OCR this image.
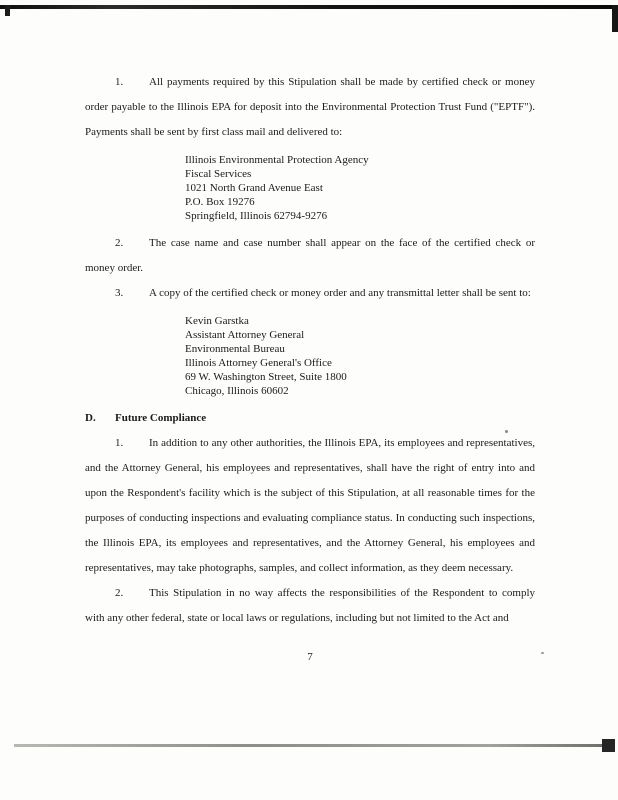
1. All payments required by this Stipulation shall be made by certified check or money order payable to the Illinois EPA for deposit into the Environmental Protection Trust Fund ("EPTF"). Payments shall be sent by first class mail and delivered to:

Illinois Environmental Protection Agency
Fiscal Services
1021 North Grand Avenue East
P.O. Box 19276
Springfield, Illinois 62794-9276

2. The case name and case number shall appear on the face of the certified check or money order.

3. A copy of the certified check or money order and any transmittal letter shall be sent to:

Kevin Garstka
Assistant Attorney General
Environmental Bureau
Illinois Attorney General's Office
69 W. Washington Street, Suite 1800
Chicago, Illinois 60602
D. Future Compliance

1. In addition to any other authorities, the Illinois EPA, its employees and representatives, and the Attorney General, his employees and representatives, shall have the right of entry into and upon the Respondent's facility which is the subject of this Stipulation, at all reasonable times for the purposes of conducting inspections and evaluating compliance status. In conducting such inspections, the Illinois EPA, its employees and representatives, and the Attorney General, his employees and representatives, may take photographs, samples, and collect information, as they deem necessary.

2. This Stipulation in no way affects the responsibilities of the Respondent to comply with any other federal, state or local laws or regulations, including but not limited to the Act and

7
